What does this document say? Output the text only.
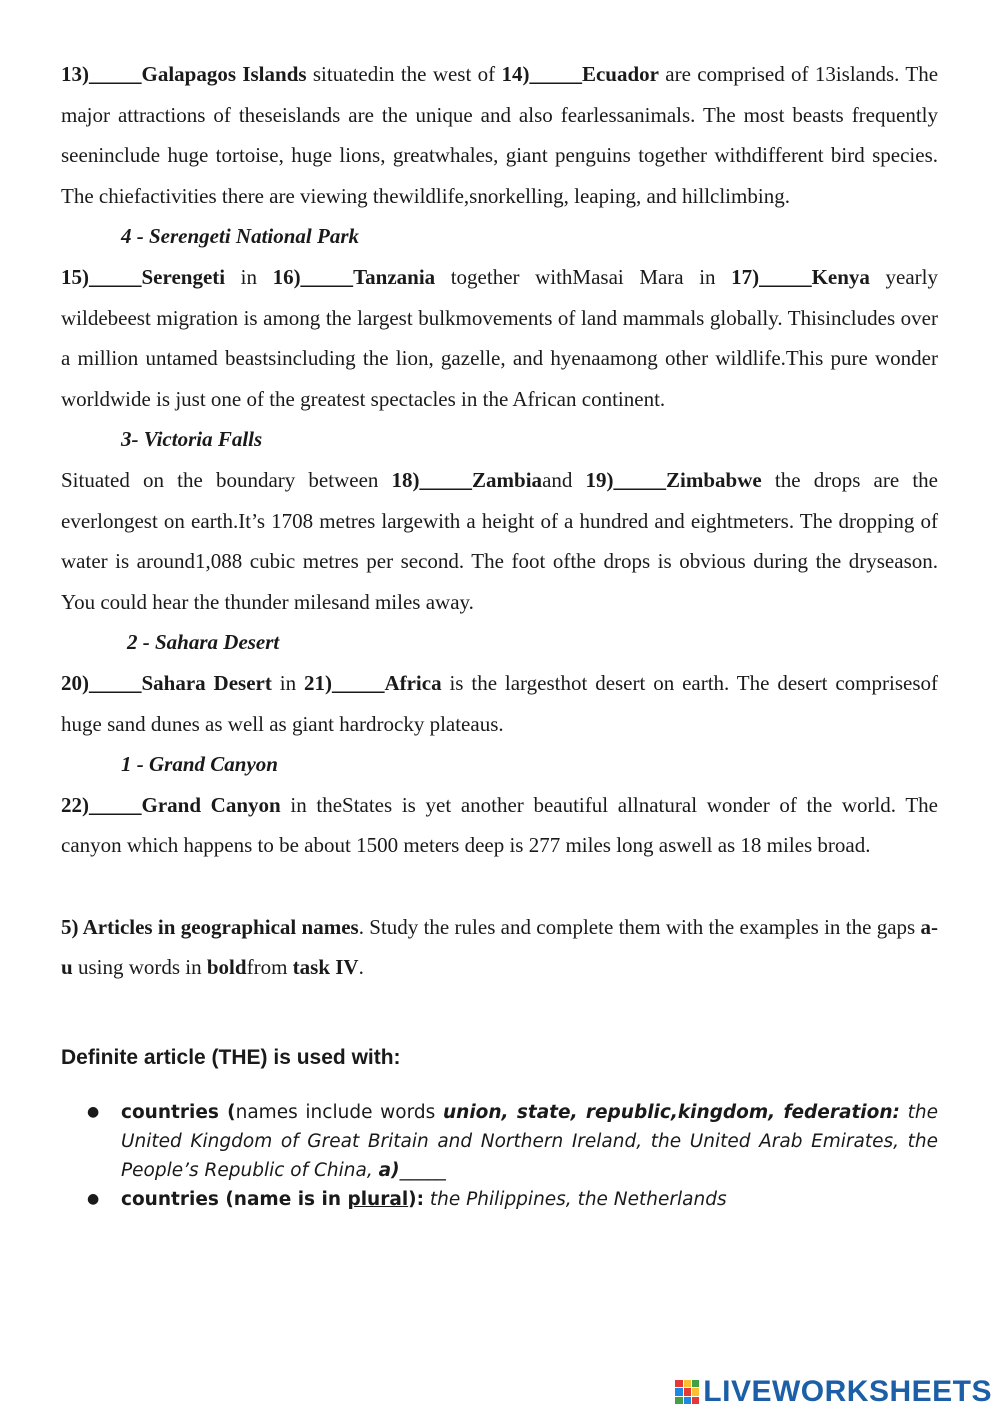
13)_____Galapagos Islands situatedin the west of 14)_____Ecuador are comprised of 13islands. The major attractions of theseislands are the unique and also fearlessanimals. The most beasts frequently seeninclude huge tortoise, huge lions, greatwhales, giant penguins together withdifferent bird species. The chiefactivities there are viewing thewildlife,snorkelling, leaping, and hillclimbing.

4 - Serengeti National Park

15)_____Serengeti in 16)_____Tanzania together withMasai Mara in 17)_____Kenya yearly wildebeest migration is among the largest bulkmovements of land mammals globally. Thisincludes over a million untamed beastsincluding the lion, gazelle, and hyenaamong other wildlife.This pure wonder worldwide is just one of the greatest spectacles in the African continent.

3- Victoria Falls

Situated on the boundary between 18)_____Zambiaand 19)_____Zimbabwe the drops are the everlongest on earth.It’s 1708 metres largewith a height of a hundred and eightmeters. The dropping of water is around1,088 cubic metres per second. The foot ofthe drops is obvious during the dryseason. You could hear the thunder milesand miles away.

2 - Sahara Desert

20)_____Sahara Desert in 21)_____Africa is the largesthot desert on earth. The desert comprisesof huge sand dunes as well as giant hardrocky plateaus.

1 - Grand Canyon

22)_____Grand Canyon in theStates is yet another beautiful allnatural wonder of the world. The canyon which happens to be about 1500 meters deep is 277 miles long aswell as 18 miles broad.

5) Articles in geographical names. Study the rules and complete them with the examples in the gaps a- u using words in boldfrom task IV.

Definite article (THE) is used with:

● countries (names include words union, state, republic,kingdom, federation: the United Kingdom of Great Britain and Northern Ireland, the United Arab Emirates, the People’s Republic of China, a)_____
● countries (name is in plural): the Philippines, the Netherlands
LIVEWORKSHEETS
